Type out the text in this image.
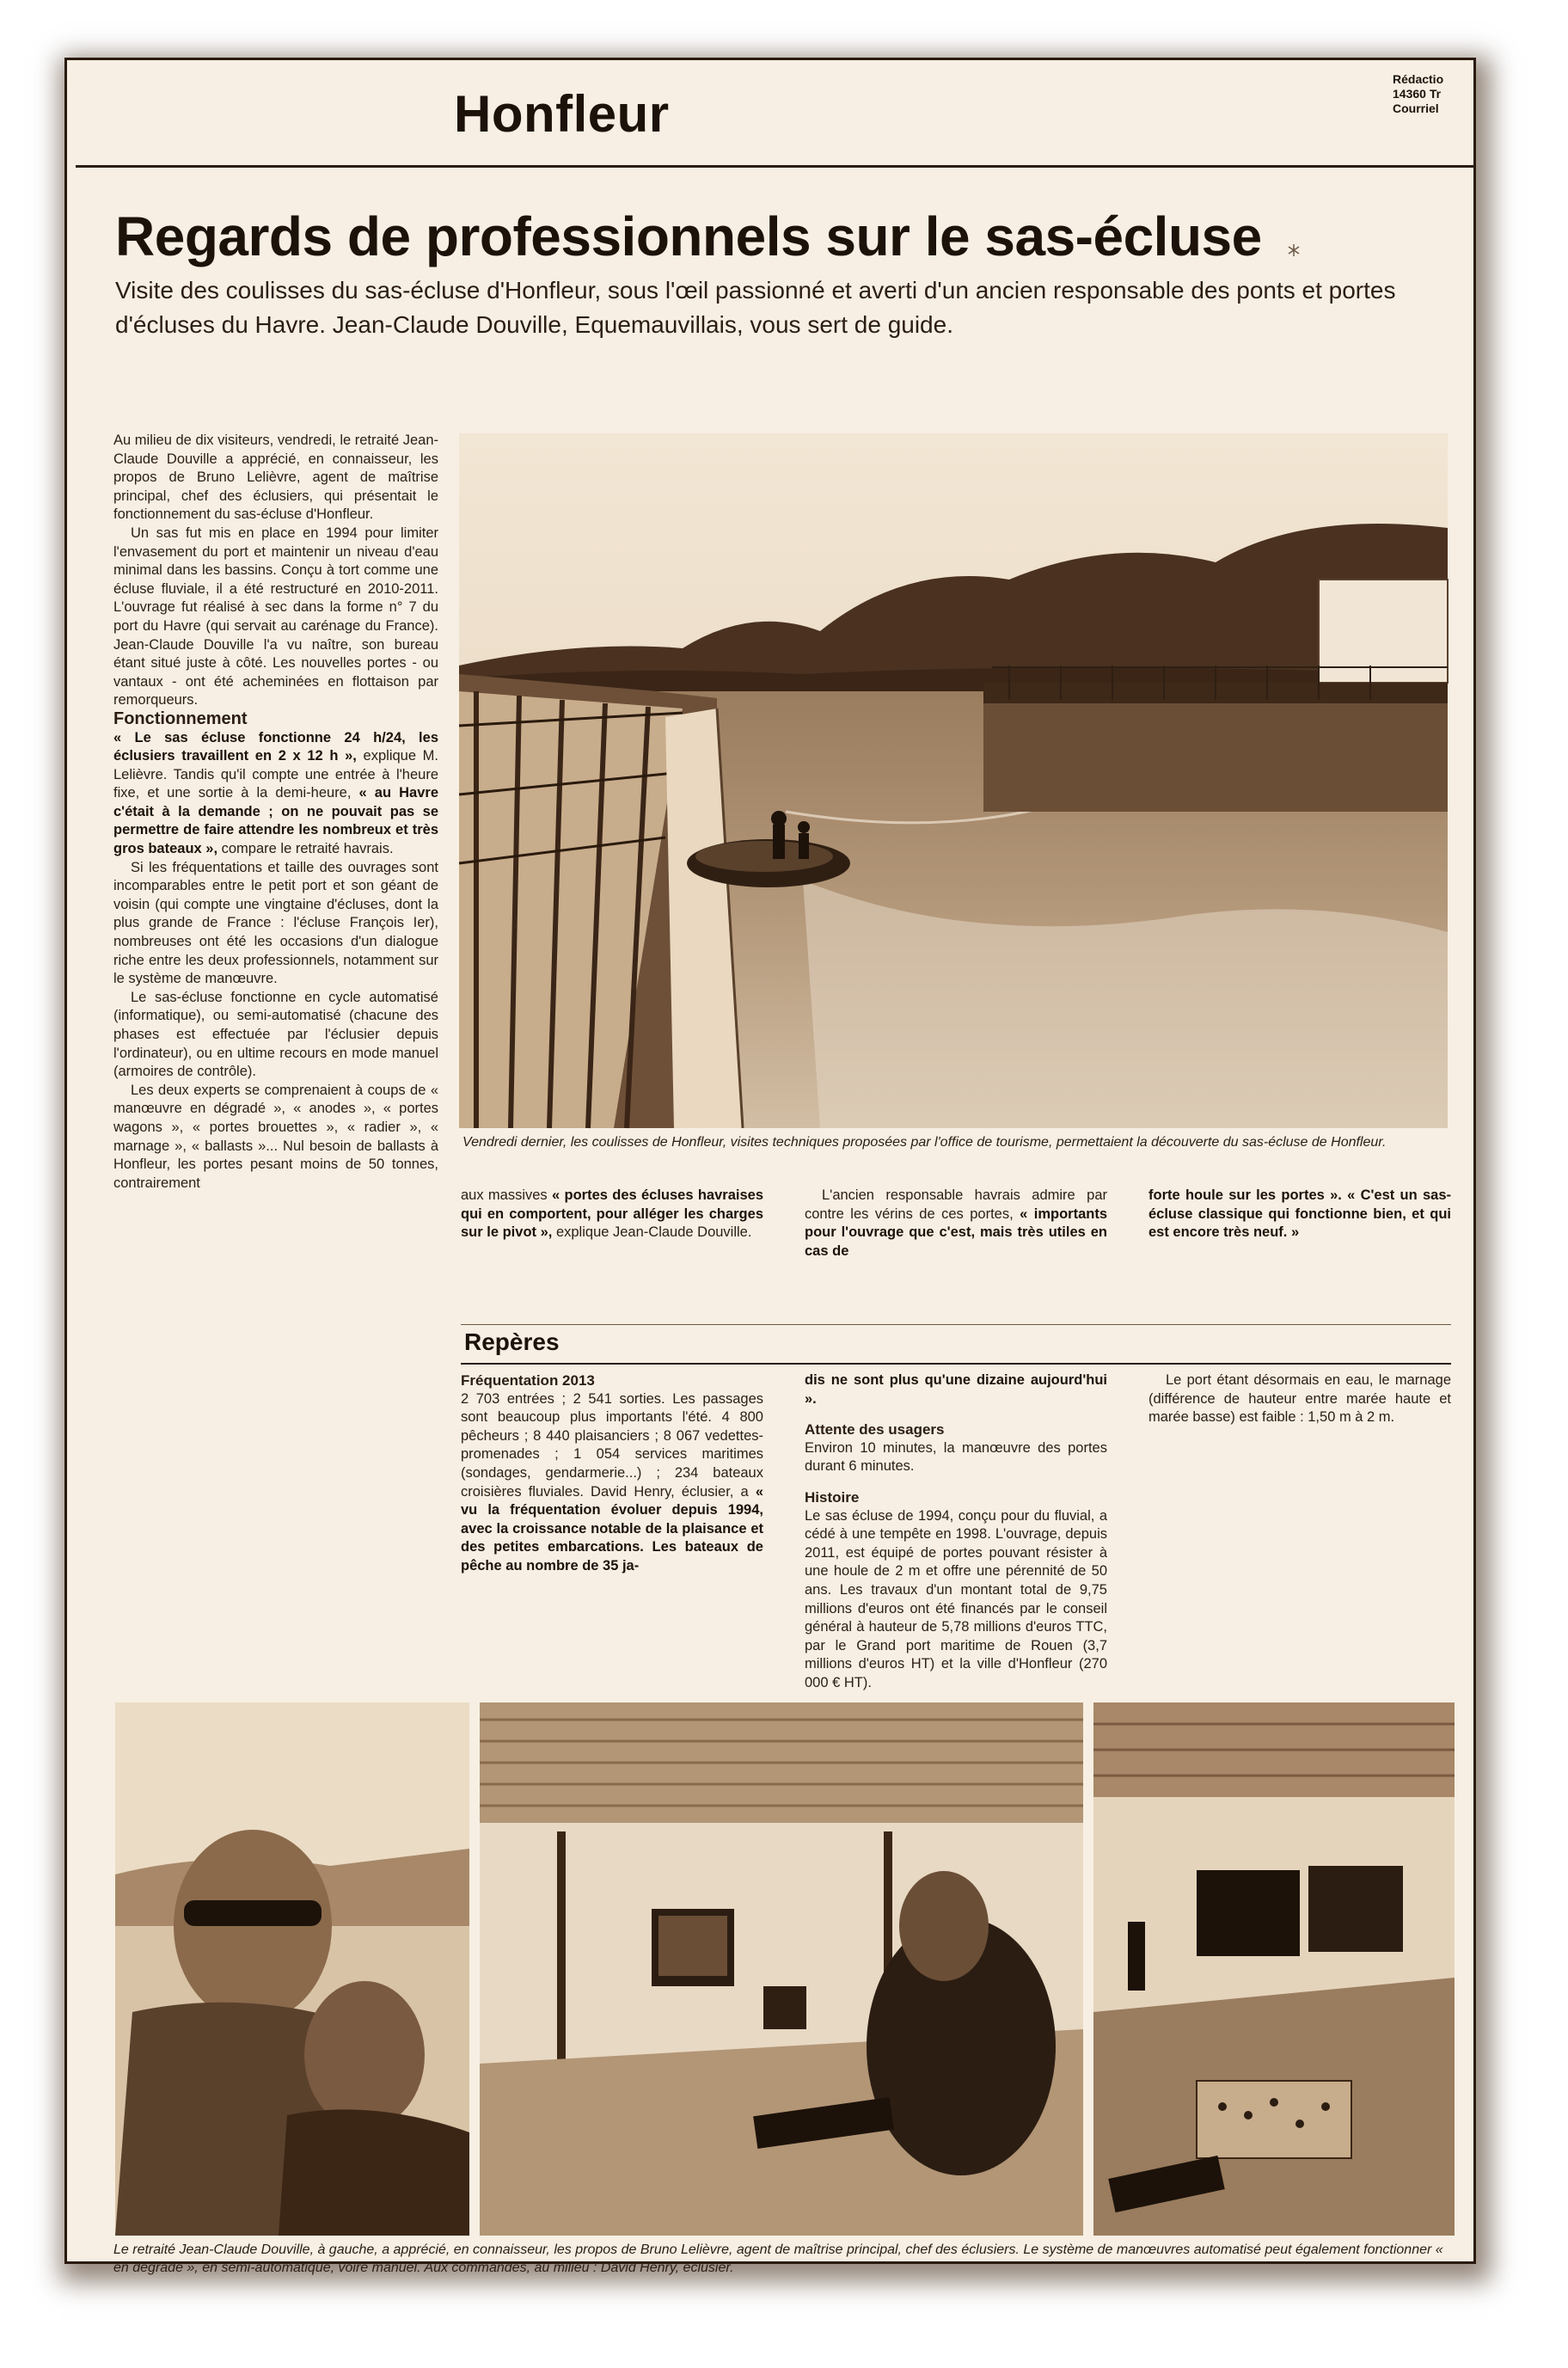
Honfleur
Rédactio
14360 Tr
Courriel
Regards de professionnels sur le sas-écluse
Visite des coulisses du sas-écluse d'Honfleur, sous l'œil passionné et averti d'un ancien responsable des ponts et portes d'écluses du Havre. Jean-Claude Douville, Equemauvillais, vous sert de guide.

Au milieu de dix visiteurs, vendredi, le retraité Jean-Claude Douville a apprécié, en connaisseur, les propos de Bruno Lelièvre, agent de maîtrise principal, chef des éclusiers, qui présentait le fonctionnement du sas-écluse d'Honfleur.

Un sas fut mis en place en 1994 pour limiter l'envasement du port et maintenir un niveau d'eau minimal dans les bassins. Conçu à tort comme une écluse fluviale, il a été restructuré en 2010-2011. L'ouvrage fut réalisé à sec dans la forme n° 7 du port du Havre (qui servait au carénage du France). Jean-Claude Douville l'a vu naître, son bureau étant situé juste à côté. Les nouvelles portes - ou vantaux - ont été acheminées en flottaison par remorqueurs.

Fonctionnement

« Le sas écluse fonctionne 24 h/24, les éclusiers travaillent en 2 x 12 h », explique M. Lelièvre. Tandis qu'il compte une entrée à l'heure fixe, et une sortie à la demi-heure, « au Havre c'était à la demande ; on ne pouvait pas se permettre de faire attendre les nombreux et très gros bateaux », compare le retraité havrais.

Si les fréquentations et taille des ouvrages sont incomparables entre le petit port et son géant de voisin (qui compte une vingtaine d'écluses, dont la plus grande de France : l'écluse François Ier), nombreuses ont été les occasions d'un dialogue riche entre les deux professionnels, notamment sur le système de manœuvre.

Le sas-écluse fonctionne en cycle automatisé (informatique), ou semi-automatisé (chacune des phases est effectuée par l'éclusier depuis l'ordinateur), ou en ultime recours en mode manuel (armoires de contrôle).

Les deux experts se comprenaient à coups de « manœuvre en dégradé », « anodes », « portes wagons », « portes brouettes », « radier », « marnage », « ballasts »... Nul besoin de ballasts à Honfleur, les portes pesant moins de 50 tonnes, contrairement

Vendredi dernier, les coulisses de Honfleur, visites techniques proposées par l'office de tourisme, permettaient la découverte du sas-écluse de Honfleur.

aux massives « portes des écluses havraises qui en comportent, pour alléger les charges sur le pivot », explique Jean-Claude Douville.

L'ancien responsable havrais admire par contre les vérins de ces portes, « importants pour l'ouvrage que c'est, mais très utiles en cas de

forte houle sur les portes ». « C'est un sas-écluse classique qui fonctionne bien, et qui est encore très neuf. »

Repères

Fréquentation 2013

2 703 entrées ; 2 541 sorties. Les passages sont beaucoup plus importants l'été. 4 800 pêcheurs ; 8 440 plaisanciers ; 8 067 vedettes-promenades ; 1 054 services maritimes (sondages, gendarmerie...) ; 234 bateaux croisières fluviales. David Henry, éclusier, a « vu la fréquentation évoluer depuis 1994, avec la croissance notable de la plaisance et des petites embarcations. Les bateaux de pêche au nombre de 35 ja-

dis ne sont plus qu'une dizaine aujourd'hui ».

Attente des usagers

Environ 10 minutes, la manœuvre des portes durant 6 minutes.

Histoire

Le sas écluse de 1994, conçu pour du fluvial, a cédé à une tempête en 1998. L'ouvrage, depuis 2011, est équipé de portes pouvant résister à une houle de 2 m et offre une pérennité de 50 ans. Les travaux d'un montant total de 9,75 millions d'euros ont été financés par le conseil général à hauteur de 5,78 millions d'euros TTC, par le Grand port maritime de Rouen (3,7 millions d'euros HT) et la ville d'Honfleur (270 000 € HT).

Le port étant désormais en eau, le marnage (différence de hauteur entre marée haute et marée basse) est faible : 1,50 m à 2 m.

Le retraité Jean-Claude Douville, à gauche, a apprécié, en connaisseur, les propos de Bruno Lelièvre, agent de maîtrise principal, chef des éclusiers. Le système de manœuvres automatisé peut également fonctionner « en dégradé », en semi-automatique, voire manuel. Aux commandes, au milieu : David Henry, éclusier.
